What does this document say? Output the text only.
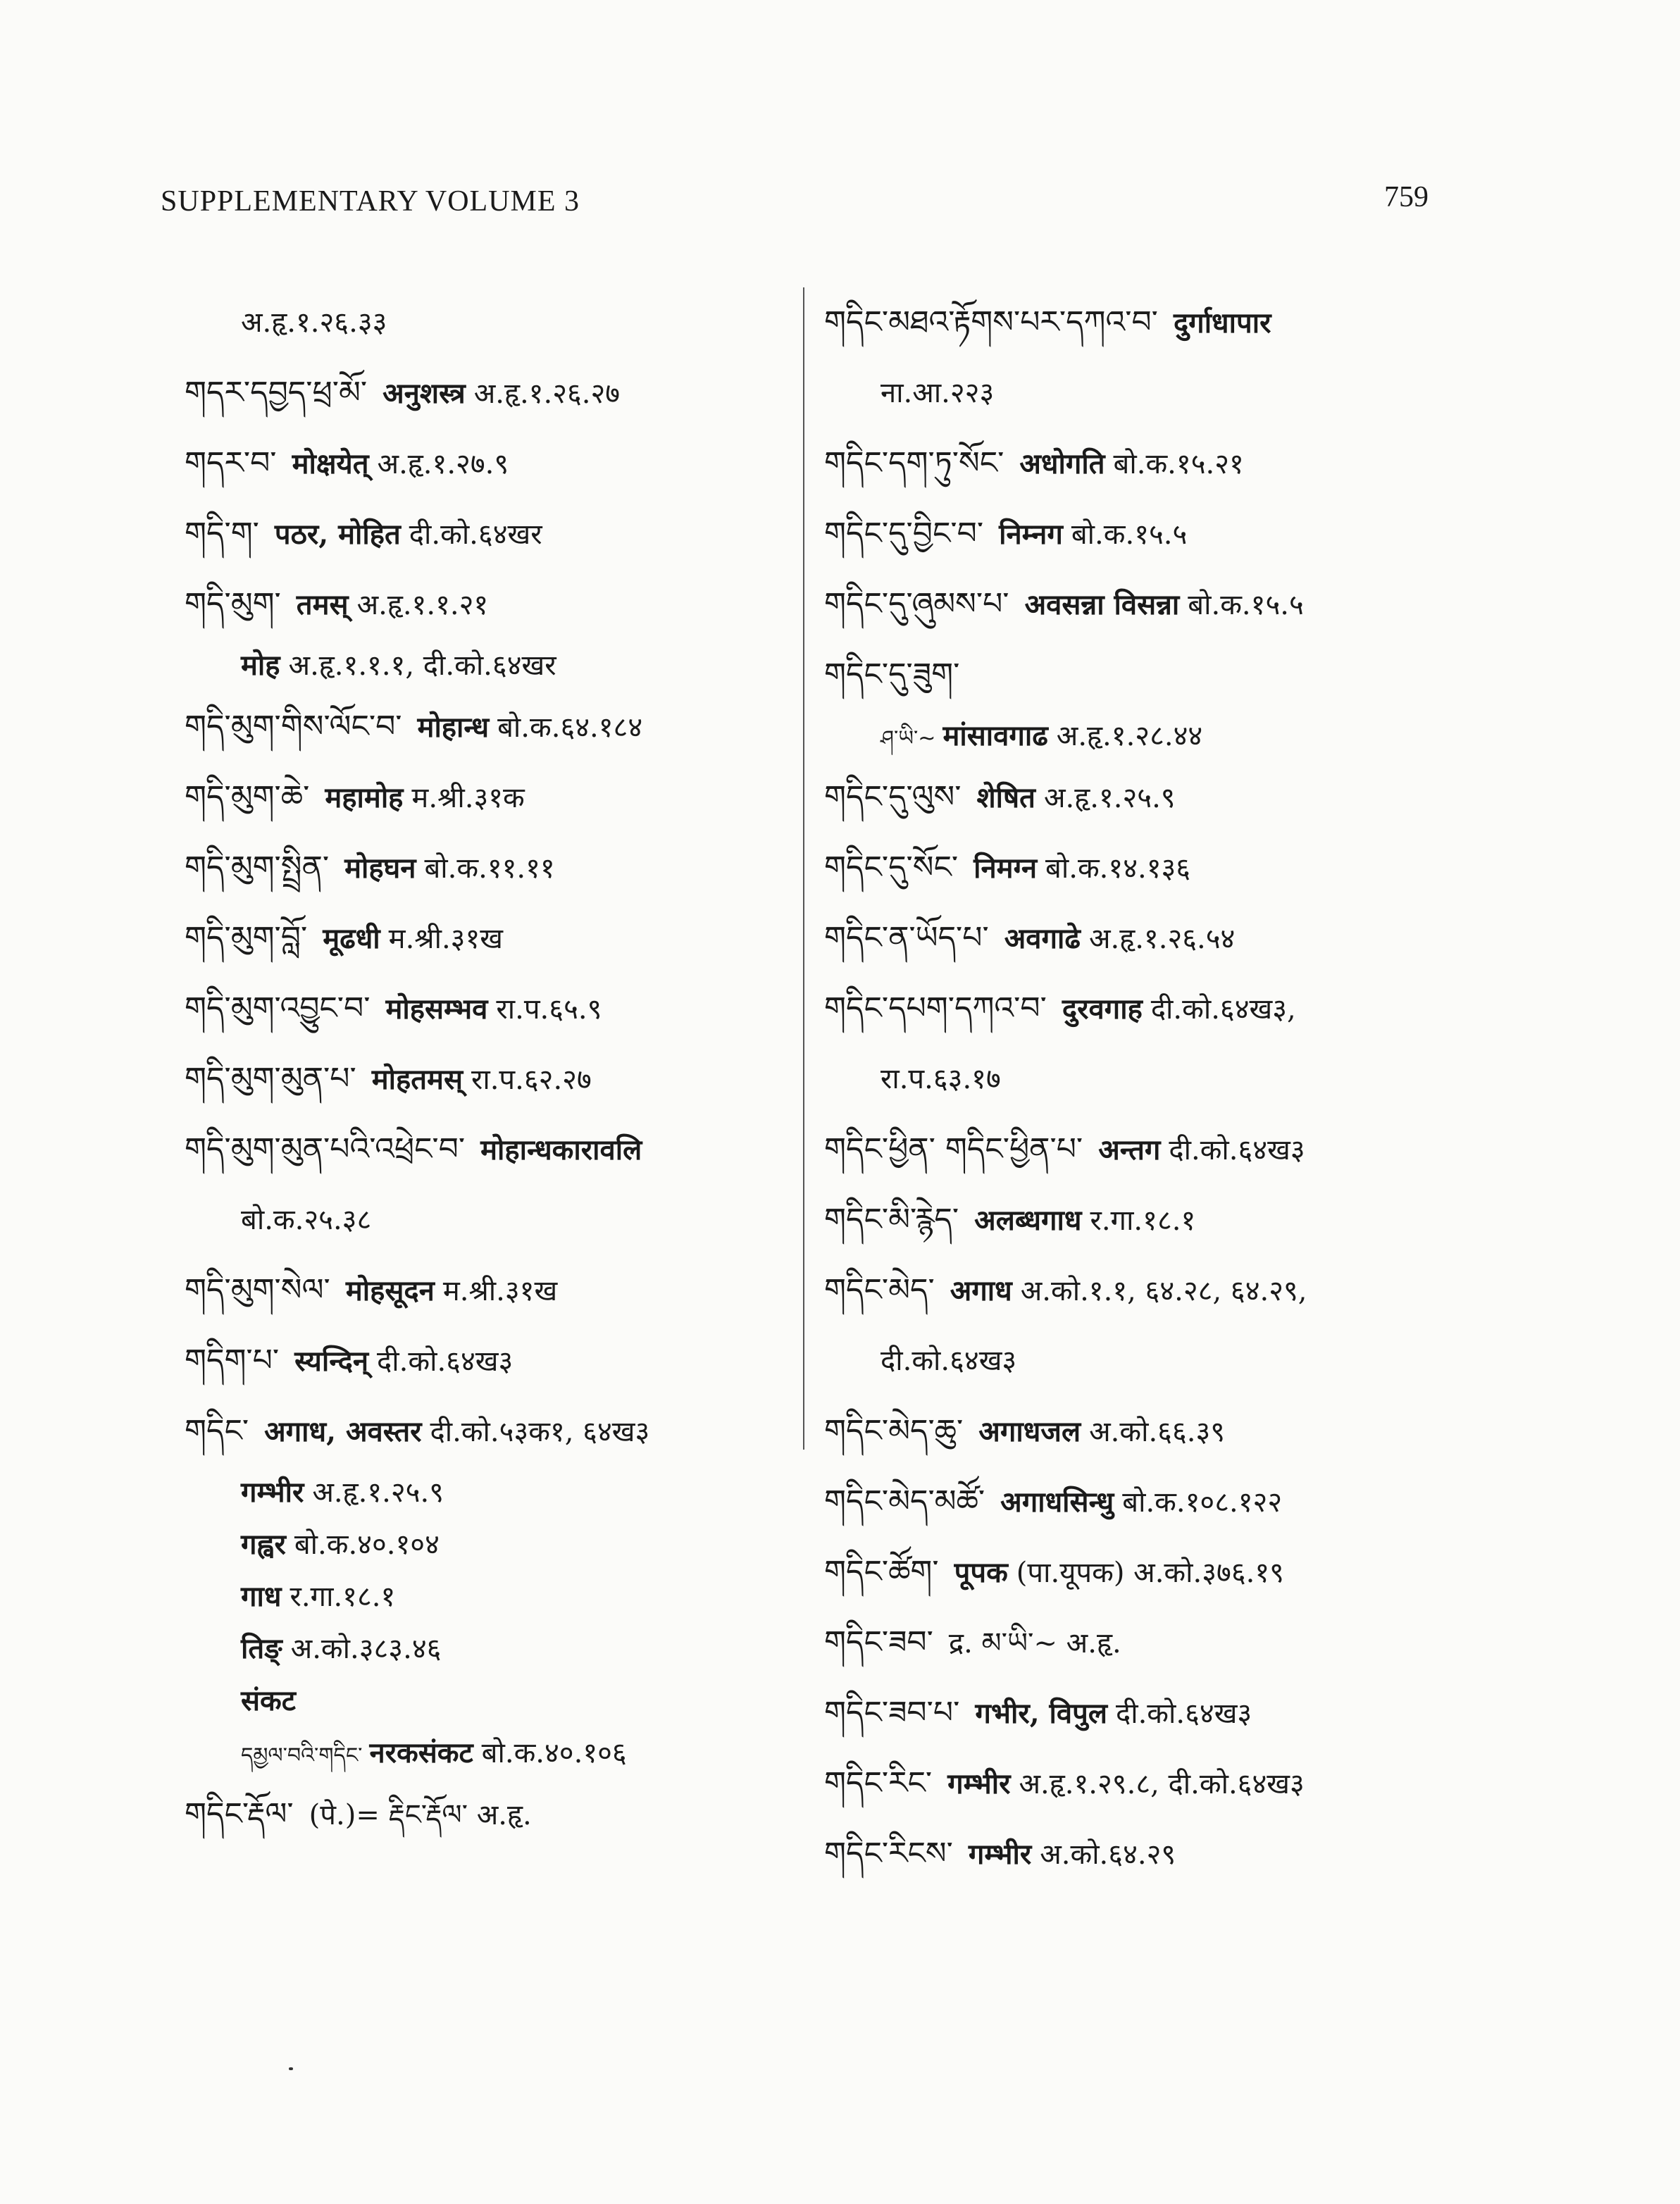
SUPPLEMENTARY VOLUME 3	759
अ.हृ.१.२६.३३
གདར་དབྱད་ཕྲ་མོ་ अनुशस्त्र अ.हृ.१.२६.२७
གདར་བ་ मोक्षयेत् अ.हृ.१.२७.९
གདི་ག་ पठर, मोहित दी.को.६४खर
གདི་མུག་ तमस् अ.हृ.१.१.२१
मोह अ.हृ.१.१.१, दी.को.६४खर
གདི་མུག་གིས་ལོང་བ་ मोहान्ध बो.क.६४.१८४
གདི་མུག་ཆེ་ महामोह म.श्री.३१क
གདི་མུག་སྤྲིན་ मोहघन बो.क.११.११
གདི་མུག་བློ་ मूढधी म.श्री.३१ख
གདི་མུག་འབྱུང་བ་ मोहसम्भव रा.प.६५.९
གདི་མུག་མུན་པ་ मोहतमस् रा.प.६२.२७
གདི་མུག་མུན་པའི་འཕྲེང་བ་ मोहान्धकारावलि
बो.क.२५.३८
གདི་མུག་སེལ་ मोहसूदन म.श्री.३१ख
གདིག་པ་ स्यन्दिन् दी.को.६४ख३
གདིང་ अगाध, अवस्तर दी.को.५३क१, ६४ख३
गम्भीर अ.हृ.१.२५.९
गह्वर बो.क.४०.१०४
गाध र.गा.१८.१
तिङ् अ.को.३८३.४६
संकट
དམྱལ་བའི་གདིང་ नरकसंकट बो.क.४०.१०६
གདིང་རྡོལ་ (पे.)= རྡིང་རྡོལ་ अ.हृ.
གདིང་མཐའ་རྟོགས་པར་དཀའ་བ་ दुर्गाधापार
ना.आ.२२३
གདིང་དག་ཏུ་སོང་ अधोगति बो.क.१५.२१
གདིང་དུ་བྱིང་བ་ निम्नग बो.क.१५.५
གདིང་དུ་ཞུམས་པ་ अवसन्ना विसन्ना बो.क.१५.५
གདིང་དུ་ཟུག་
ཤ་ཡི་~ मांसावगाढ अ.हृ.१.२८.४४
གདིང་དུ་ལུས་ शेषित अ.हृ.१.२५.९
གདིང་དུ་སོང་ निमग्न बो.क.१४.१३६
གདིང་ན་ཡོད་པ་ अवगाढे अ.हृ.१.२६.५४
གདིང་དཔག་དཀའ་བ་ दुरवगाह दी.को.६४ख३,
रा.प.६३.१७
གདིང་ཕྱིན་ གདིང་ཕྱིན་པ་ अन्तग दी.को.६४ख३
གདིང་མི་རྙེད་ अलब्धगाध र.गा.१८.१
གདིང་མེད་ अगाध अ.को.१.१, ६४.२८, ६४.२९,
दी.को.६४ख३
གདིང་མེད་ཆུ་ अगाधजल अ.को.६६.३९
གདིང་མེད་མཚོ་ अगाधसिन्धु बो.क.१०८.१२२
གདིང་ཚོག་ पूपक (पा.यूपक) अ.को.३७६.१९
གདིང་ཟབ་ द्र. མ་ཡི་~ अ.हृ.
གདིང་ཟབ་པ་ गभीर, विपुल दी.को.६४ख३
གདིང་རིང་ गम्भीर अ.हृ.१.२९.८, दी.को.६४ख३
གདིང་རིངས་ गम्भीर अ.को.६४.२९
